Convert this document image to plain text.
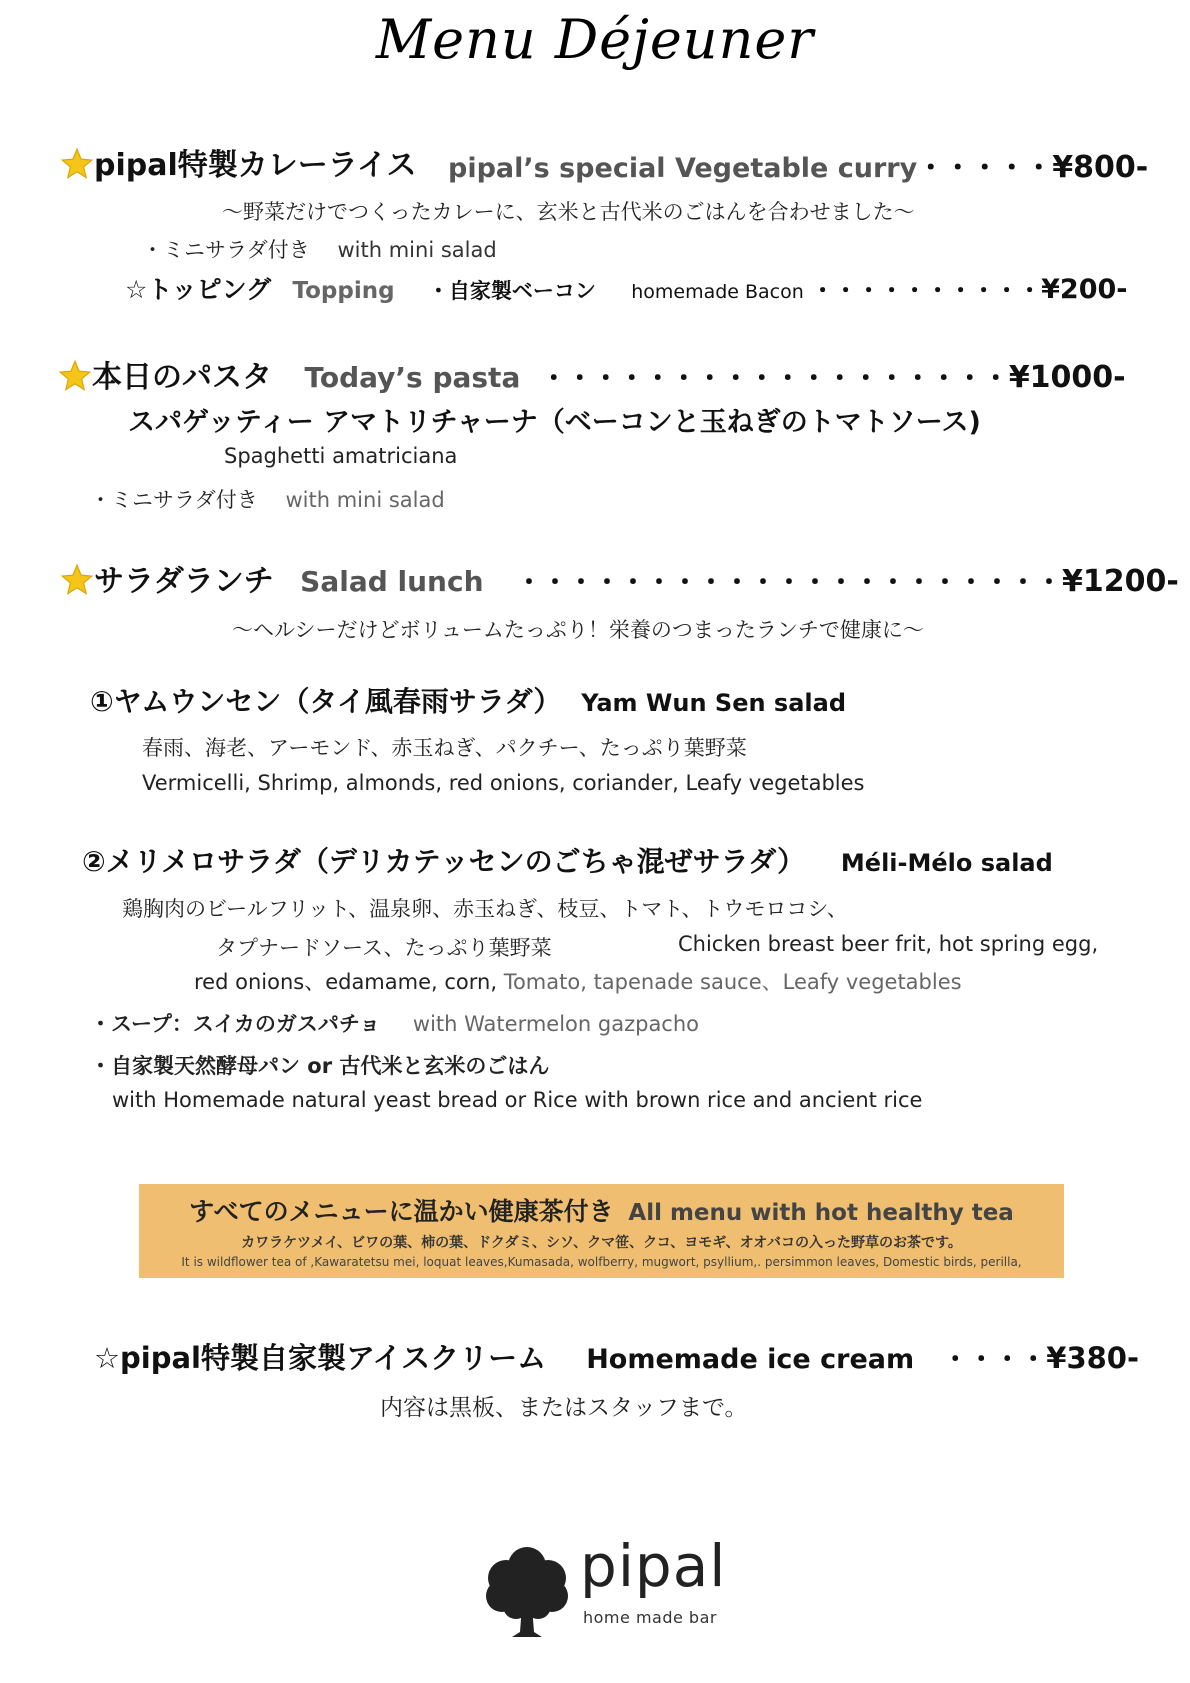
Menu Déjeuner
pipal特製カレーライス pipal’s special Vegetable curry・・・・・¥800-
〜野菜だけでつくったカレーに、玄米と古代米のごはんを合わせました〜
・ミニサラダ付き　 with mini salad
☆トッピング Topping ・自家製ベーコン homemade Bacon ・・・・・・・・・・¥200-
本日のパスタ Today’s pasta ・・・・・・・・・・・・・・・・・・¥1000-
スパゲッティー アマトリチャーナ（ベーコンと玉ねぎのトマトソース)
Spaghetti amatriciana
・ミニサラダ付き　 with mini salad
サラダランチ Salad lunch ・・・・・・・・・・・・・・・・・・・・・¥1200-
〜ヘルシーだけどボリュームたっぷり！栄養のつまったランチで健康に〜
①ヤムウンセン（タイ風春雨サラダ） Yam Wun Sen salad
春雨、海老、アーモンド、赤玉ねぎ、パクチー、たっぷり葉野菜
Vermicelli, Shrimp, almonds, red onions, coriander, Leafy vegetables
②メリメロサラダ（デリカテッセンのごちゃ混ぜサラダ） Méli-Mélo salad
鶏胸肉のビールフリット、温泉卵、赤玉ねぎ、枝豆、トマト、トウモロコシ、
タプナードソース、たっぷり葉野菜	Chicken breast beer frit, hot spring egg,
red onions、edamame, corn, Tomato, tapenade sauce、Leafy vegetables
・スープ：スイカのガスパチョ with Watermelon gazpacho
・自家製天然酵母パン or 古代米と玄米のごはん
with Homemade natural yeast bread or Rice with brown rice and ancient rice
すべてのメニューに温かい健康茶付き All menu with hot healthy tea
カワラケツメイ、ビワの葉、柿の葉、ドクダミ、シソ、クマ笹、クコ、ヨモギ、オオバコの入った野草のお茶です。
It is wildflower tea of ,Kawaratetsu mei, loquat leaves,Kumasada, wolfberry, mugwort, psyllium,. persimmon leaves, Domestic birds, perilla,
☆pipal特製自家製アイスクリーム Homemade ice cream ・・・・¥380-
内容は黒板、またはスタッフまで。
pipal
home made bar
